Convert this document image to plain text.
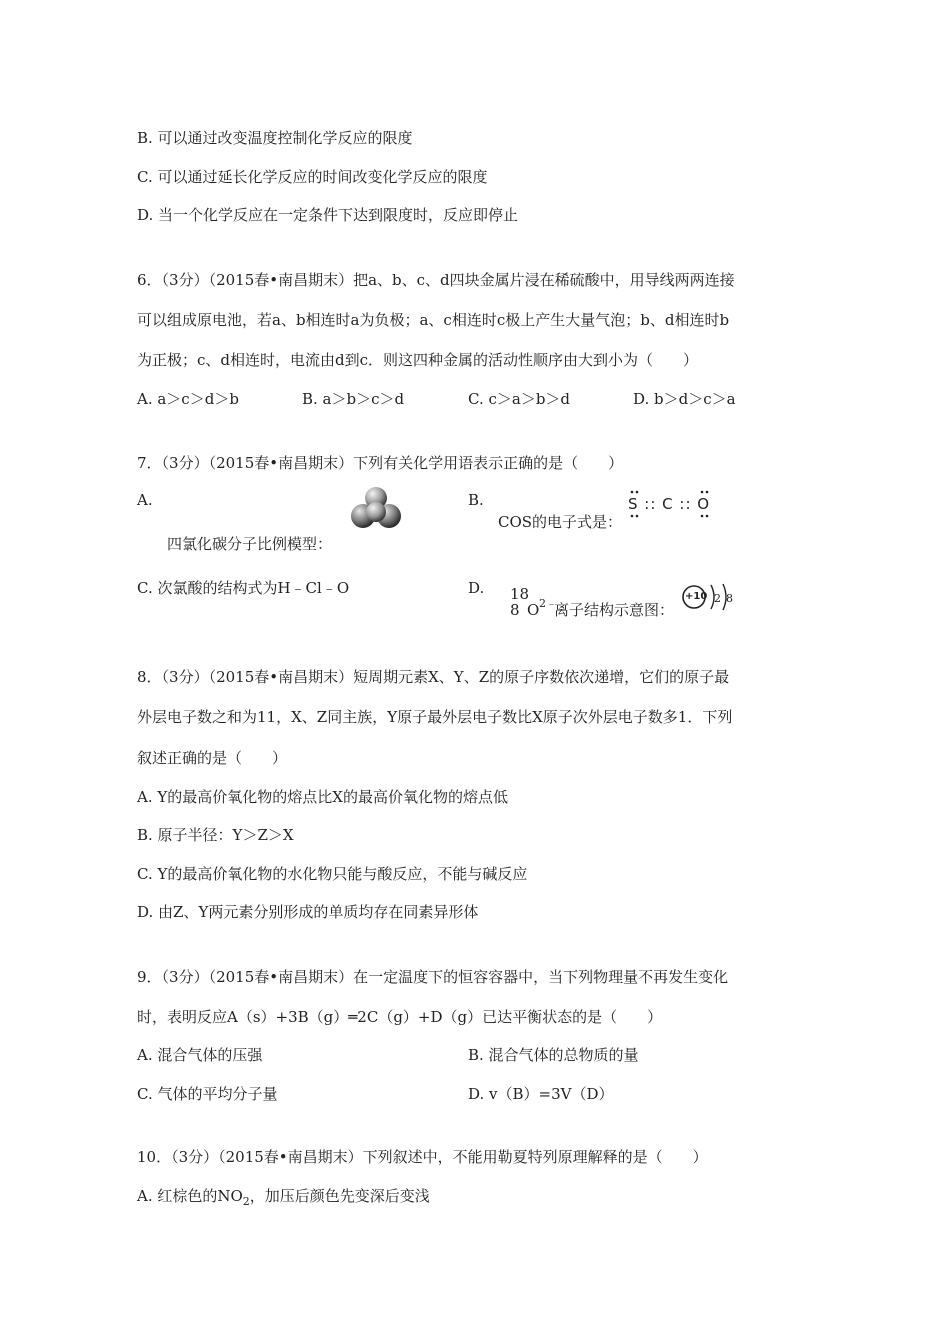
B. 可以通过改变温度控制化学反应的限度
C. 可以通过延长化学反应的时间改变化学反应的限度
D. 当一个化学反应在一定条件下达到限度时，反应即停止
6．（3分）（2015春•南昌期末）把a、b、c、d四块金属片浸在稀硫酸中，用导线两两连接
可以组成原电池，若a、b相连时a为负极；a、c相连时c极上产生大量气泡；b、d相连时b
为正极；c、d相连时，电流由d到c．则这四种金属的活动性顺序由大到小为（　　）
A. a＞c＞d＞b	B. a＞b＞c＞d	C. c＞a＞b＞d	D. b＞d＞c＞a
7．（3分）（2015春•南昌期末）下列有关化学用语表示正确的是（　　）
A.
四氯化碳分子比例模型：
B.
COS的电子式是：
S :: C :: O
C. 次氯酸的结构式为H﹣Cl﹣O	D. 18
8 O 2﹣
离子结构示意图：
+10 2 8
8．（3分）（2015春•南昌期末）短周期元素X、Y、Z的原子序数依次递增，它们的原子最
外层电子数之和为11，X、Z同主族，Y原子最外层电子数比X原子次外层电子数多1．下列
叙述正确的是（　　）
A. Y的最高价氧化物的熔点比X的最高价氧化物的熔点低
B. 原子半径：Y＞Z＞X
C. Y的最高价氧化物的水化物只能与酸反应，不能与碱反应
D. 由Z、Y两元素分别形成的单质均存在同素异形体
9．（3分）（2015春•南昌期末）在一定温度下的恒容容器中，当下列物理量不再发生变化
时，表明反应A（s）+3B（g）═2C（g）+D（g）已达平衡状态的是（　　）
A. 混合气体的压强	B. 混合气体的总物质的量
C. 气体的平均分子量	D. v（B）=3V（D）
10．（3分）（2015春•南昌期末）下列叙述中，不能用勒夏特列原理解释的是（　　）
A. 红棕色的$NO_2$，加压后颜色先变深后变浅
